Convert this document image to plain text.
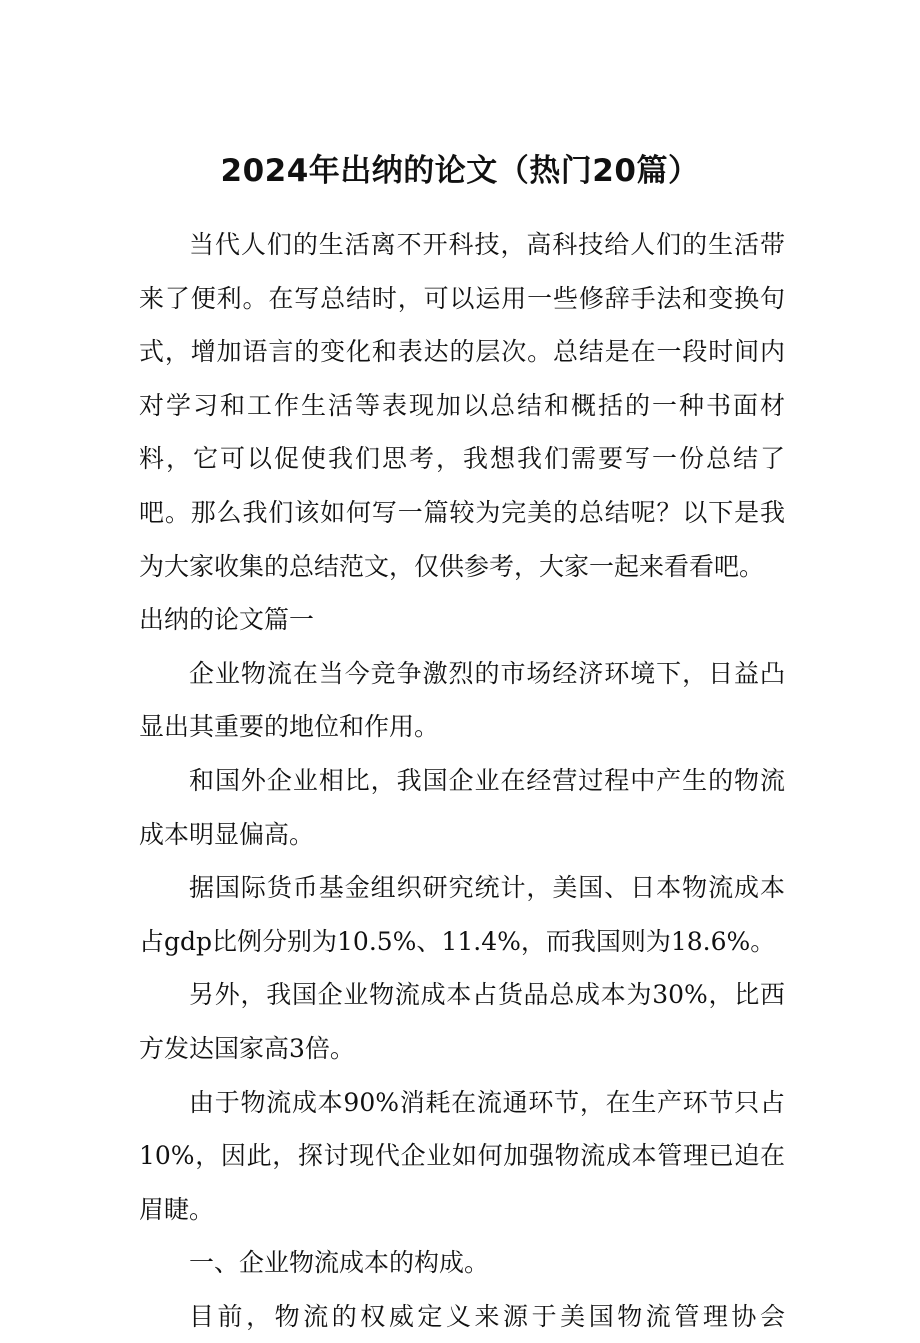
2024年出纳的论文（热门20篇）

当代人们的生活离不开科技，高科技给人们的生活带来了便利。在写总结时，可以运用一些修辞手法和变换句式，增加语言的变化和表达的层次。总结是在一段时间内对学习和工作生活等表现加以总结和概括的一种书面材料，它可以促使我们思考，我想我们需要写一份总结了吧。那么我们该如何写一篇较为完美的总结呢？以下是我为大家收集的总结范文，仅供参考，大家一起来看看吧。

出纳的论文篇一

企业物流在当今竞争激烈的市场经济环境下，日益凸显出其重要的地位和作用。

和国外企业相比，我国企业在经营过程中产生的物流成本明显偏高。

据国际货币基金组织研究统计，美国、日本物流成本占gdp比例分别为10.5%、11.4%，而我国则为18.6%。

另外，我国企业物流成本占货品总成本为30%，比西方发达国家高3倍。

由于物流成本90%消耗在流通环节，在生产环节只占10%，因此，探讨现代企业如何加强物流成本管理已迫在眉睫。

一、企业物流成本的构成。

目前，物流的权威定义来源于美国物流管理协会
